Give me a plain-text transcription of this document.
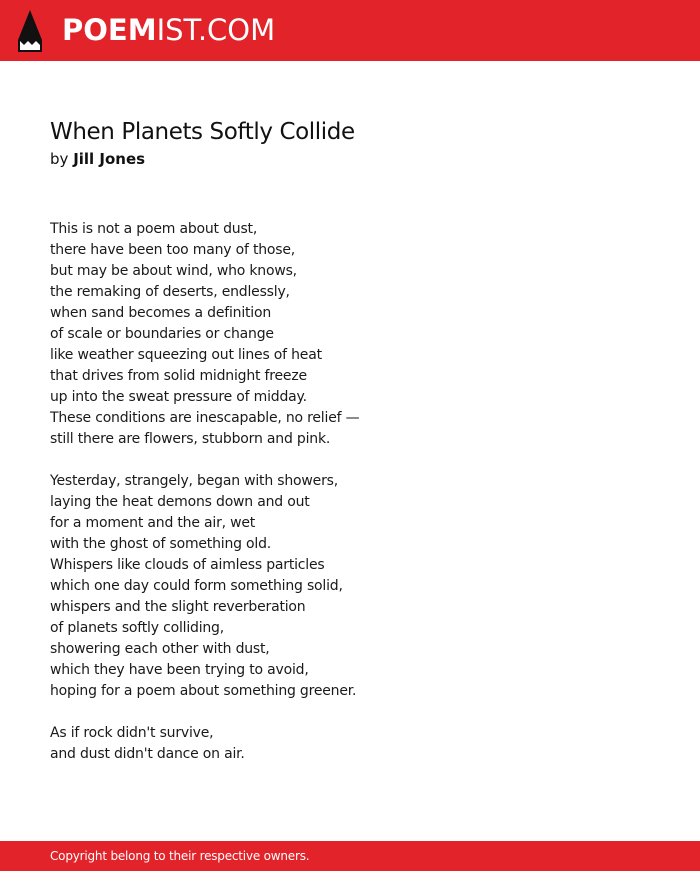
POEMIST.COM
When Planets Softly Collide
by Jill Jones
This is not a poem about dust,
there have been too many of those,
but may be about wind, who knows,
the remaking of deserts, endlessly,
when sand becomes a definition
of scale or boundaries or change
like weather squeezing out lines of heat
that drives from solid midnight freeze
up into the sweat pressure of midday.
These conditions are inescapable, no relief —
still there are flowers, stubborn and pink.
Yesterday, strangely, began with showers,
laying the heat demons down and out
for a moment and the air, wet
with the ghost of something old.
Whispers like clouds of aimless particles
which one day could form something solid,
whispers and the slight reverberation
of planets softly colliding,
showering each other with dust,
which they have been trying to avoid,
hoping for a poem about something greener.
As if rock didn't survive,
and dust didn't dance on air.
Copyright belong to their respective owners.
